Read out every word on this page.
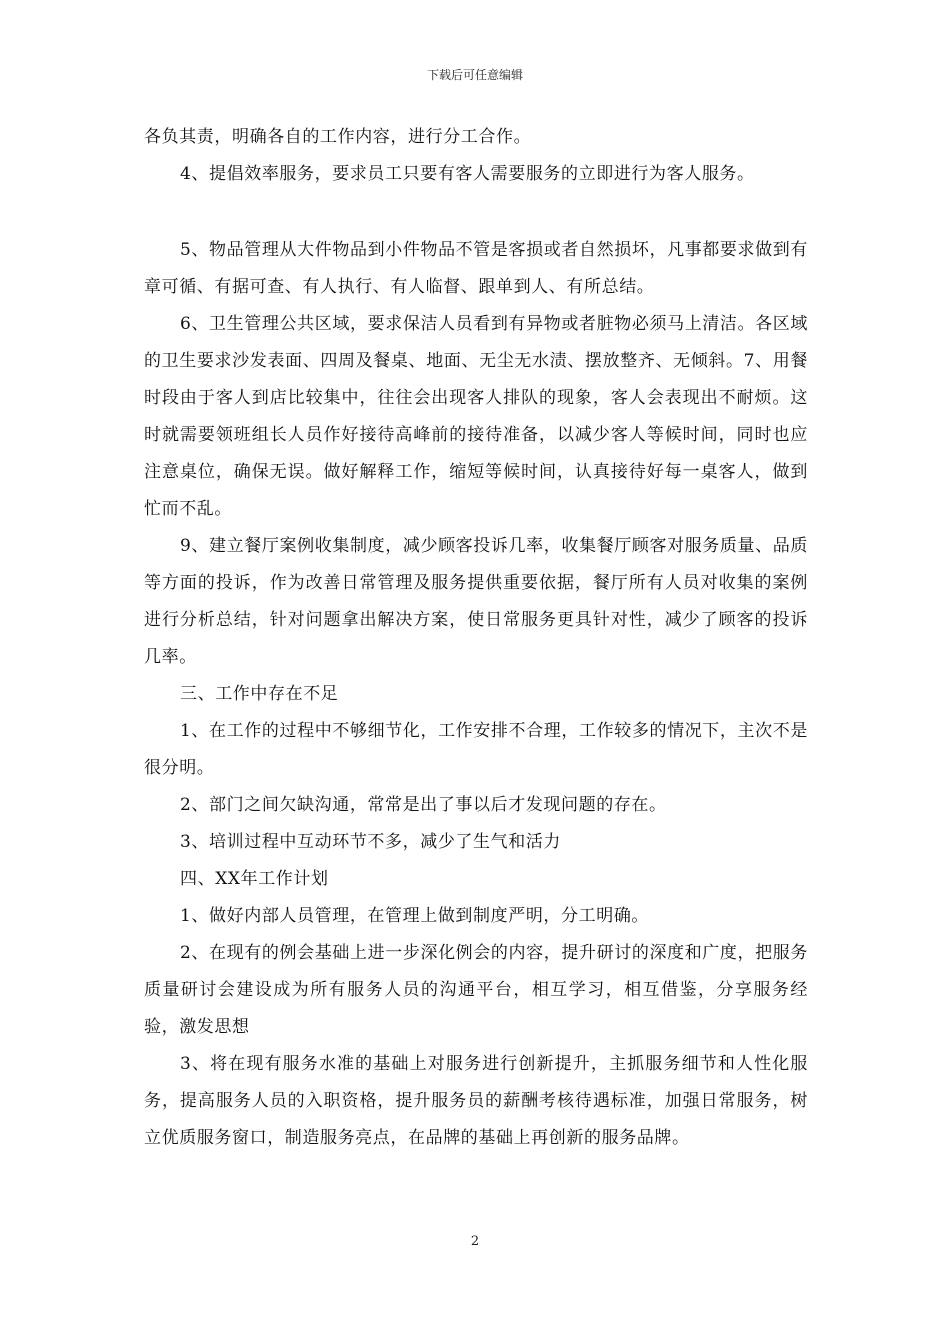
下载后可任意编辑

各负其责，明确各自的工作内容，进行分工合作。

4、提倡效率服务，要求员工只要有客人需要服务的立即进行为客人服务。

5、物品管理从大件物品到小件物品不管是客损或者自然损坏，凡事都要求做到有章可循、有据可查、有人执行、有人临督、跟单到人、有所总结。

6、卫生管理公共区域，要求保洁人员看到有异物或者脏物必须马上清洁。各区域的卫生要求沙发表面、四周及餐桌、地面、无尘无水渍、摆放整齐、无倾斜。7、用餐时段由于客人到店比较集中，往往会出现客人排队的现象，客人会表现出不耐烦。这时就需要领班组长人员作好接待高峰前的接待准备，以减少客人等候时间，同时也应注意桌位，确保无误。做好解释工作，缩短等候时间，认真接待好每一桌客人，做到忙而不乱。

9、建立餐厅案例收集制度，减少顾客投诉几率，收集餐厅顾客对服务质量、品质等方面的投诉，作为改善日常管理及服务提供重要依据，餐厅所有人员对收集的案例进行分析总结，针对问题拿出解决方案，使日常服务更具针对性，减少了顾客的投诉几率。

三、工作中存在不足

1、在工作的过程中不够细节化，工作安排不合理，工作较多的情况下，主次不是很分明。

2、部门之间欠缺沟通，常常是出了事以后才发现问题的存在。

3、培训过程中互动环节不多，减少了生气和活力

四、XX年工作计划

1、做好内部人员管理，在管理上做到制度严明，分工明确。

2、在现有的例会基础上进一步深化例会的内容，提升研讨的深度和广度，把服务质量研讨会建设成为所有服务人员的沟通平台，相互学习，相互借鉴，分享服务经验，激发思想

3、将在现有服务水准的基础上对服务进行创新提升，主抓服务细节和人性化服务，提高服务人员的入职资格，提升服务员的薪酬考核待遇标准，加强日常服务，树立优质服务窗口，制造服务亮点，在品牌的基础上再创新的服务品牌。

2
